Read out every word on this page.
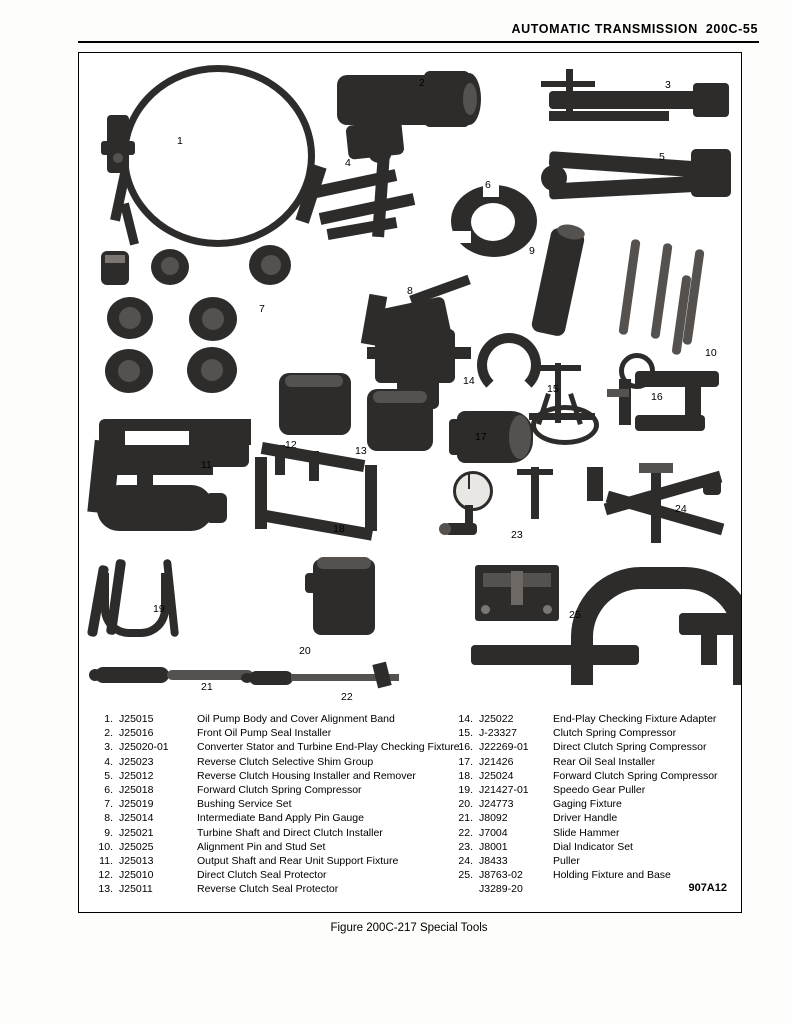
AUTOMATIC TRANSMISSION 200C-55
1
2	3
4	5
6
7
8
9
10
11
12	13
14
15
16
17
18
19
20
21
22
23
24
25
1. J25015	Oil Pump Body and Cover Alignment Band
2. J25016	Front Oil Pump Seal Installer
3. J25020-01	Converter Stator and Turbine End-Play Checking Fixture
4. J25023	Reverse Clutch Selective Shim Group
5. J25012	Reverse Clutch Housing Installer and Remover
6. J25018	Forward Clutch Spring Compressor
7. J25019	Bushing Service Set
8. J25014	Intermediate Band Apply Pin Gauge
9. J25021	Turbine Shaft and Direct Clutch Installer
10. J25025	Alignment Pin and Stud Set
11. J25013	Output Shaft and Rear Unit Support Fixture
12. J25010	Direct Clutch Seal Protector
13. J25011	Reverse Clutch Seal Protector
14. J25022	End-Play Checking Fixture Adapter
15. J-23327	Clutch Spring Compressor
16. J22269-01	Direct Clutch Spring Compressor
17. J21426	Rear Oil Seal Installer
18. J25024	Forward Clutch Spring Compressor
19. J21427-01	Speedo Gear Puller
20. J24773	Gaging Fixture
21. J8092	Driver Handle
22. J7004	Slide Hammer
23. J8001	Dial Indicator Set
24. J8433	Puller
25. J8763-02	Holding Fixture and Base
J3289-20	907A12
Figure 200C-217 Special Tools
